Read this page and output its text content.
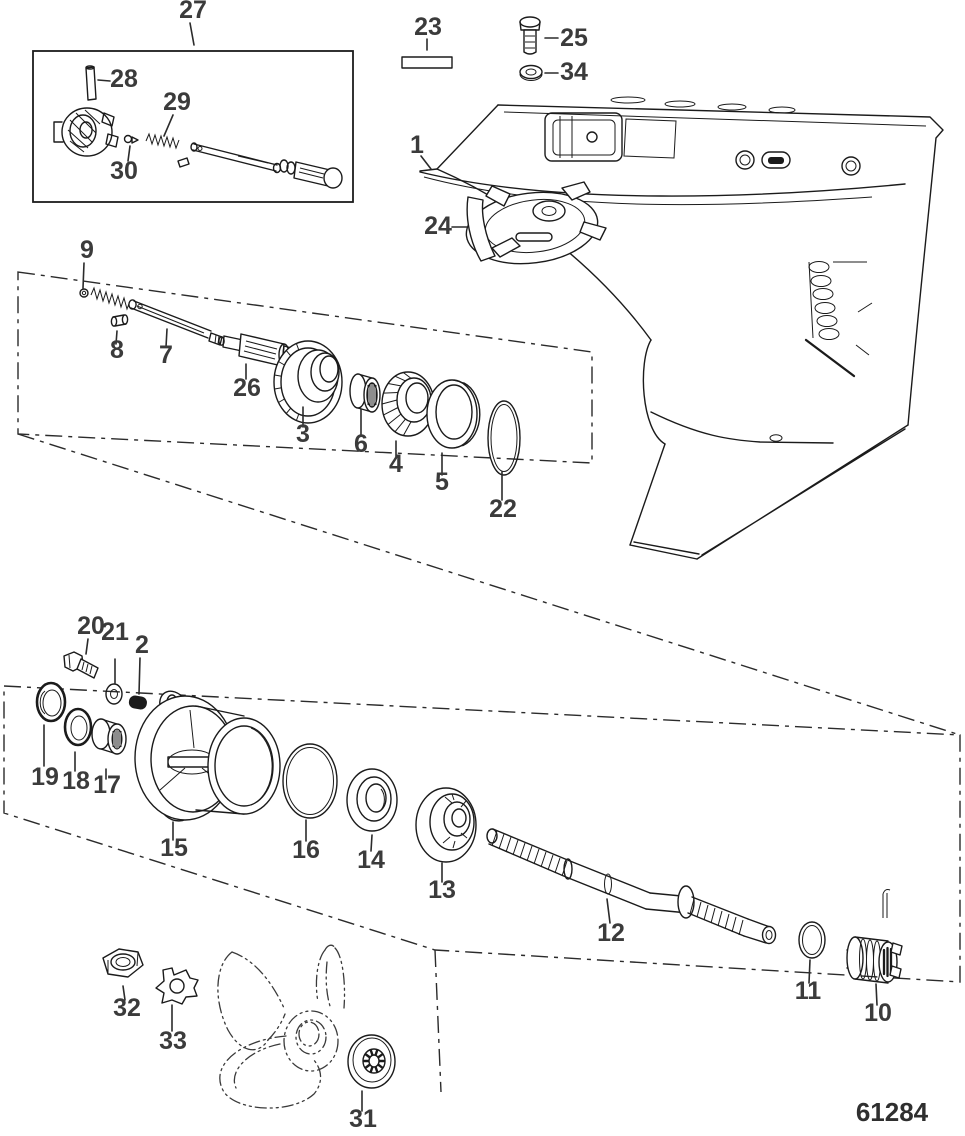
1
2
3
4
5
6
7
8
9
10
11
12
13
14
15	16
17
18
19
20
21
22
23
24
25
26
27
28
29
30
31
32
33
34
61284
